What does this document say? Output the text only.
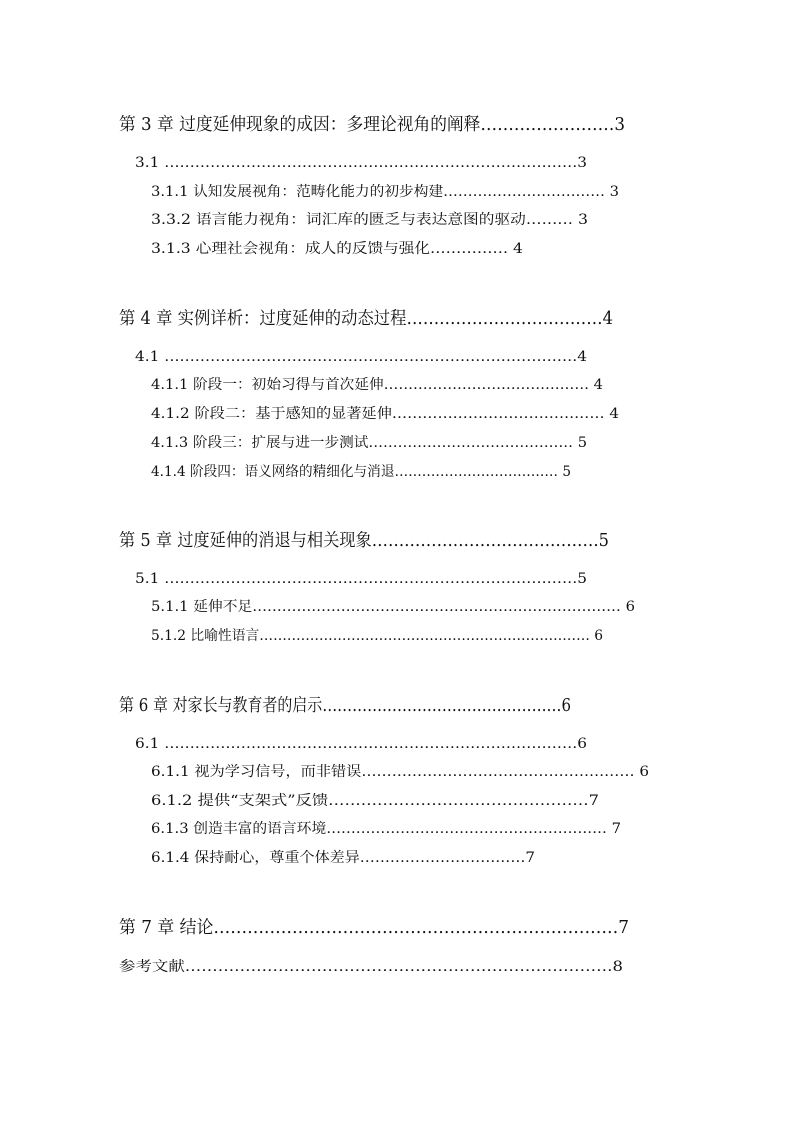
第 3 章 过度延伸现象的成因：多理论视角的阐释……………………3
3.1 ………………………………………………………………………3
3.1.1 认知发展视角：范畴化能力的初步构建…………………………… 3
3.3.2 语言能力视角：词汇库的匮乏与表达意图的驱动……… 3
3.1.3 心理社会视角：成人的反馈与强化…………… 4
第 4 章 实例详析：过度延伸的动态过程………………………………4
4.1 ………………………………………………………………………4
4.1.1 阶段一：初始习得与首次延伸…………………………………… 4
4.1.2 阶段二：基于感知的显著延伸…………………………………… 4
4.1.3 阶段三：扩展与进一步测试…………………………………… 5
4.1.4 阶段四：语义网络的精细化与消退……………………………… 5
第 5 章 过度延伸的消退与相关现象……………………………………5
5.1 ………………………………………………………………………5
5.1.1 延伸不足………………………………………………………………… 6
5.1.2 比喻性语言……………………………………………………………… 6
第 6 章 对家长与教育者的启示…………………………………………6
6.1 ………………………………………………………………………6
6.1.1 视为学习信号，而非错误……………………………………………… 6
6.1.2 提供“支架式”反馈…………………………………………7
6.1.3 创造丰富的语言环境………………………………………………… 7
6.1.4 保持耐心，尊重个体差异……………………………7
第 7 章 结论………………………………………………………………7
参考文献……………………………………………………………………8
